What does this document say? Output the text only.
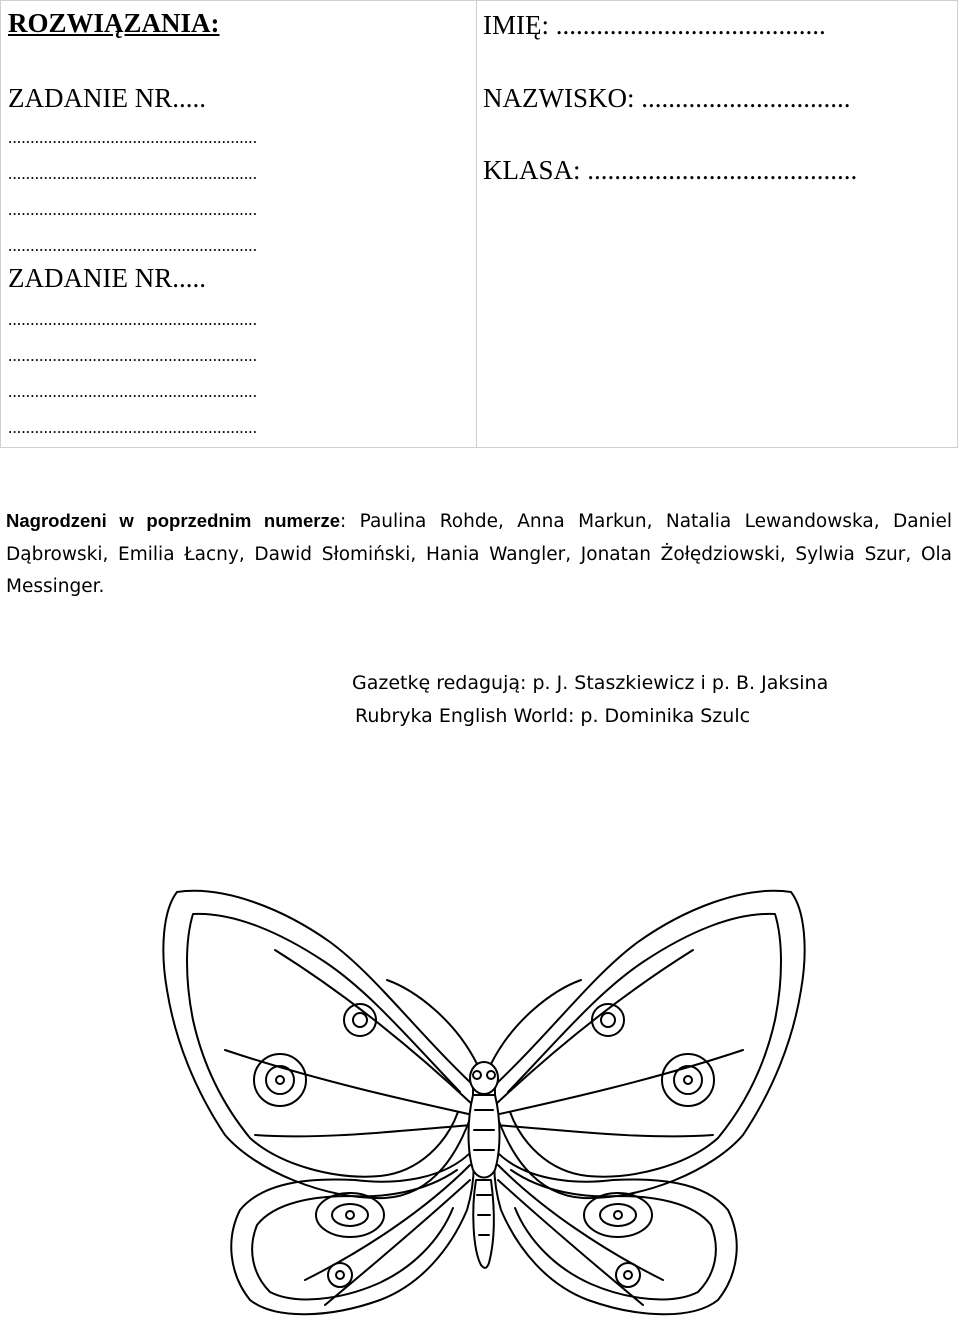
ROZWIĄZANIA:
ZADANIE NR.....
........................................................
........................................................
........................................................
........................................................
ZADANIE NR.....
........................................................
........................................................
........................................................
........................................................
IMIĘ: ........................................
NAZWISKO: ...............................
KLASA: ........................................
Nagrodzeni w poprzednim numerze: Paulina Rohde, Anna Markun, Natalia Lewandowska, Daniel Dąbrowski, Emilia Łacny, Dawid Słomiński, Hania Wangler, Jonatan Żołędziowski, Sylwia Szur, Ola Messinger.
Gazetkę redagują: p. J. Staszkiewicz i p. B. Jaksina
Rubryka English World: p. Dominika Szulc
